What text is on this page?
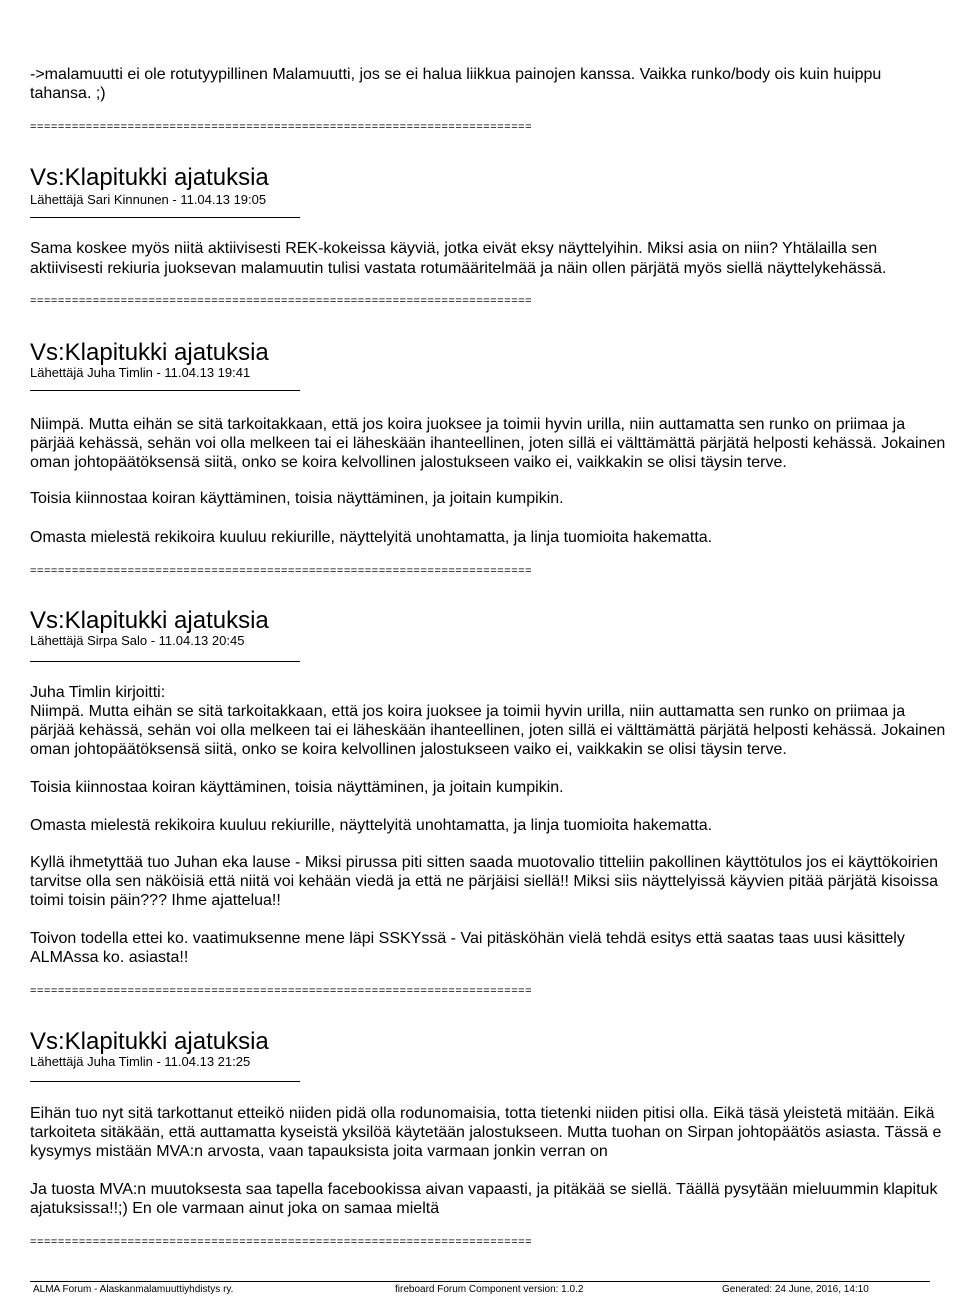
->malamuutti ei ole rotutyypillinen Malamuutti, jos se ei halua liikkua painojen kanssa. Vaikka runko/body ois kuin huippu

tahansa. ;)

========================================================================

Vs:Klapitukki ajatuksia

Lähettäjä Sari Kinnunen - 11.04.13 19:05

Sama koskee myös niitä aktiivisesti REK-kokeissa käyviä, jotka eivät eksy näyttelyihin. Miksi asia on niin? Yhtälailla sen

aktiivisesti rekiuria juoksevan malamuutin tulisi vastata rotumääritelmää ja näin ollen pärjätä myös siellä näyttelykehässä.

========================================================================

Vs:Klapitukki ajatuksia

Lähettäjä Juha Timlin - 11.04.13 19:41

Niimpä. Mutta eihän se sitä tarkoitakkaan, että jos koira juoksee ja toimii hyvin urilla, niin auttamatta sen runko on priimaa ja

pärjää kehässä, sehän voi olla melkeen tai ei läheskään ihanteellinen, joten sillä ei välttämättä pärjätä helposti kehässä. Jokainen

oman johtopäätöksensä siitä, onko se koira kelvollinen jalostukseen vaiko ei, vaikkakin se olisi täysin terve.

Toisia kiinnostaa koiran käyttäminen, toisia näyttäminen, ja joitain kumpikin.

Omasta mielestä rekikoira kuuluu rekiurille, näyttelyitä unohtamatta, ja linja tuomioita hakematta.

========================================================================

Vs:Klapitukki ajatuksia

Lähettäjä Sirpa Salo - 11.04.13 20:45

Juha Timlin kirjoitti:

Niimpä. Mutta eihän se sitä tarkoitakkaan, että jos koira juoksee ja toimii hyvin urilla, niin auttamatta sen runko on priimaa ja

pärjää kehässä, sehän voi olla melkeen tai ei läheskään ihanteellinen, joten sillä ei välttämättä pärjätä helposti kehässä. Jokainen

oman johtopäätöksensä siitä, onko se koira kelvollinen jalostukseen vaiko ei, vaikkakin se olisi täysin terve.

Toisia kiinnostaa koiran käyttäminen, toisia näyttäminen, ja joitain kumpikin.

Omasta mielestä rekikoira kuuluu rekiurille, näyttelyitä unohtamatta, ja linja tuomioita hakematta.

Kyllä ihmetyttää tuo Juhan eka lause - Miksi pirussa piti sitten saada muotovalio titteliin pakollinen käyttötulos jos ei käyttökoirien

tarvitse olla sen näköisiä että niitä voi kehään viedä ja että ne pärjäisi siellä!! Miksi siis näyttelyissä käyvien pitää pärjätä kisoissa

toimi toisin päin??? Ihme ajattelua!!

Toivon todella ettei ko. vaatimuksenne mene läpi SSKYssä - Vai pitäsköhän vielä tehdä esitys että saatas taas uusi käsittely

ALMAssa ko. asiasta!!

========================================================================

Vs:Klapitukki ajatuksia

Lähettäjä Juha Timlin - 11.04.13 21:25

Eihän tuo nyt sitä tarkottanut etteikö niiden pidä olla rodunomaisia, totta tietenki niiden pitisi olla. Eikä täsä yleistetä mitään. Eikä

tarkoiteta sitäkään, että auttamatta kyseistä yksilöä käytetään jalostukseen. Mutta tuohan on Sirpan johtopäätös asiasta. Tässä e

kysymys mistään MVA:n arvosta, vaan tapauksista joita varmaan jonkin verran on

Ja tuosta MVA:n muutoksesta saa tapella facebookissa aivan vapaasti, ja pitäkää se siellä. Täällä pysytään mieluummin klapituk

ajatuksissa!!;) En ole varmaan ainut joka on samaa mieltä

========================================================================

ALMA Forum - Alaskanmalamuuttiyhdistys ry.	fireboard Forum Component version: 1.0.2	Generated: 24 June, 2016, 14:10
